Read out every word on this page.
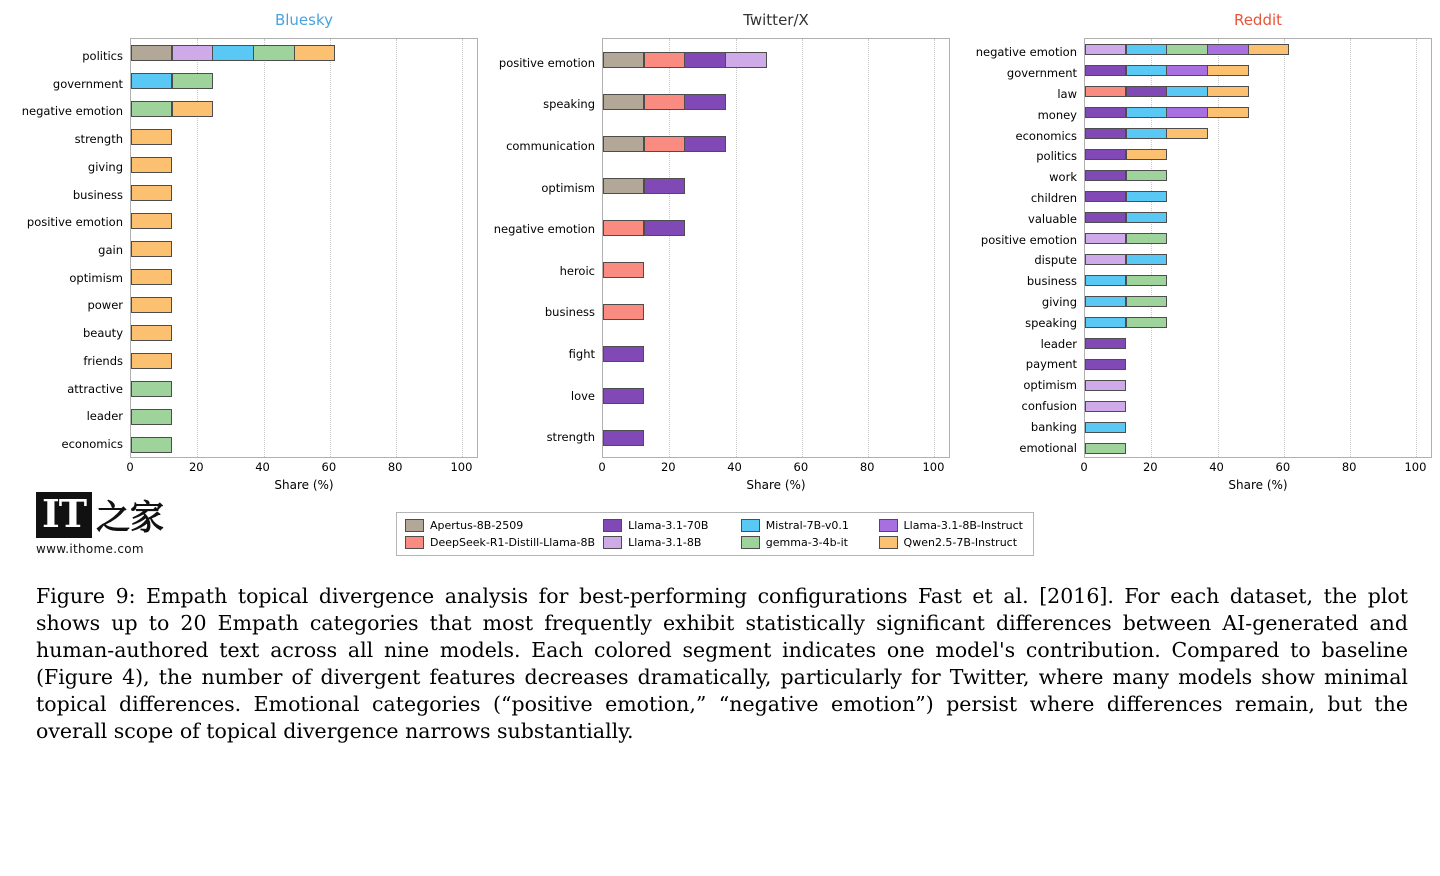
Bluesky
politics
government
negative emotion
strength
giving
business
positive emotion
gain
optimism
power
beauty
friends
attractive
leader
economics
0	20	40	60	80	100
Share (%)
Twitter/X
positive emotion
speaking
communication
optimism
negative emotion
heroic
business
fight
love
strength
0	20	40	60	80	100
Share (%)
Reddit
negative emotion
government
law
money
economics
politics
work
children
valuable
positive emotion
dispute
business
giving
speaking
leader
payment
optimism
confusion
banking
emotional
0	20	40	60	80	100
Share (%)
Apertus-8B-2509
DeepSeek-R1-Distill-Llama-8B
Llama-3.1-70B
Llama-3.1-8B
Mistral-7B-v0.1
gemma-3-4b-it
Llama-3.1-8B-Instruct
Qwen2.5-7B-Instruct
IT 之家
www.ithome.com
Figure 9: Empath topical divergence analysis for best-performing configurations Fast et al. [2016]. For each dataset, the plot shows up to 20 Empath categories that most frequently exhibit statistically significant differences between AI-generated and human-authored text across all nine models. Each colored segment indicates one model's contribution. Compared to baseline (Figure 4), the number of divergent features decreases dramatically, particularly for Twitter, where many models show minimal topical differences. Emotional categories (“positive emotion,” “negative emotion”) persist where differences remain, but the overall scope of topical divergence narrows substantially.
